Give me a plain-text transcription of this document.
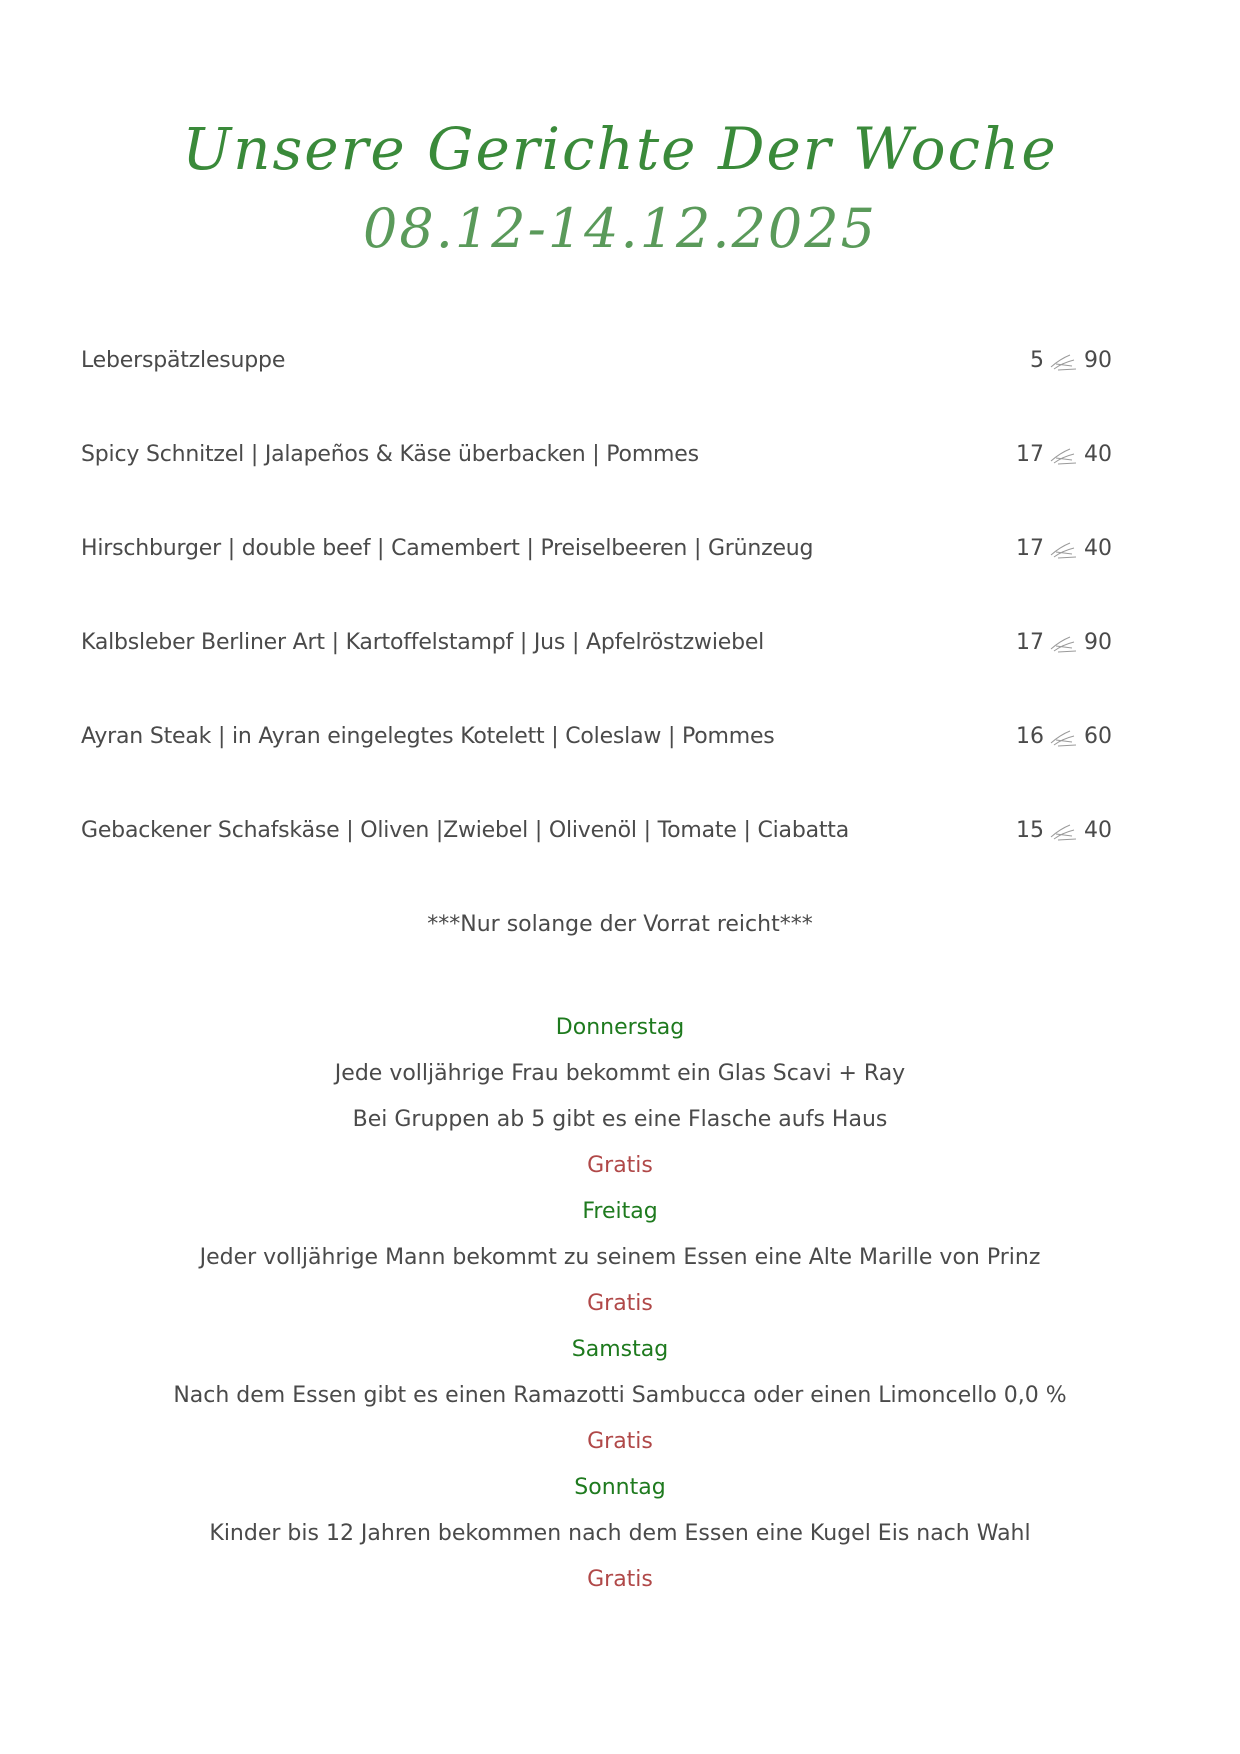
Unsere Gerichte Der Woche
08.12-14.12.2025
Leberspätzlesuppe	5 90
Spicy Schnitzel | Jalapeños & Käse überbacken | Pommes	17 40
Hirschburger | double beef | Camembert | Preiselbeeren | Grünzeug	17 40
Kalbsleber Berliner Art | Kartoffelstampf | Jus | Apfelröstzwiebel	17 90
Ayran Steak | in Ayran eingelegtes Kotelett | Coleslaw | Pommes	16 60
Gebackener Schafskäse | Oliven |Zwiebel | Olivenöl | Tomate | Ciabatta	15 40
***Nur solange der Vorrat reicht***
Donnerstag
Jede volljährige Frau bekommt ein Glas Scavi + Ray
Bei Gruppen ab 5 gibt es eine Flasche aufs Haus
Gratis
Freitag
Jeder volljährige Mann bekommt zu seinem Essen eine Alte Marille von Prinz
Gratis
Samstag
Nach dem Essen gibt es einen Ramazotti Sambucca oder einen Limoncello 0,0 %
Gratis
Sonntag
Kinder bis 12 Jahren bekommen nach dem Essen eine Kugel Eis nach Wahl
Gratis
